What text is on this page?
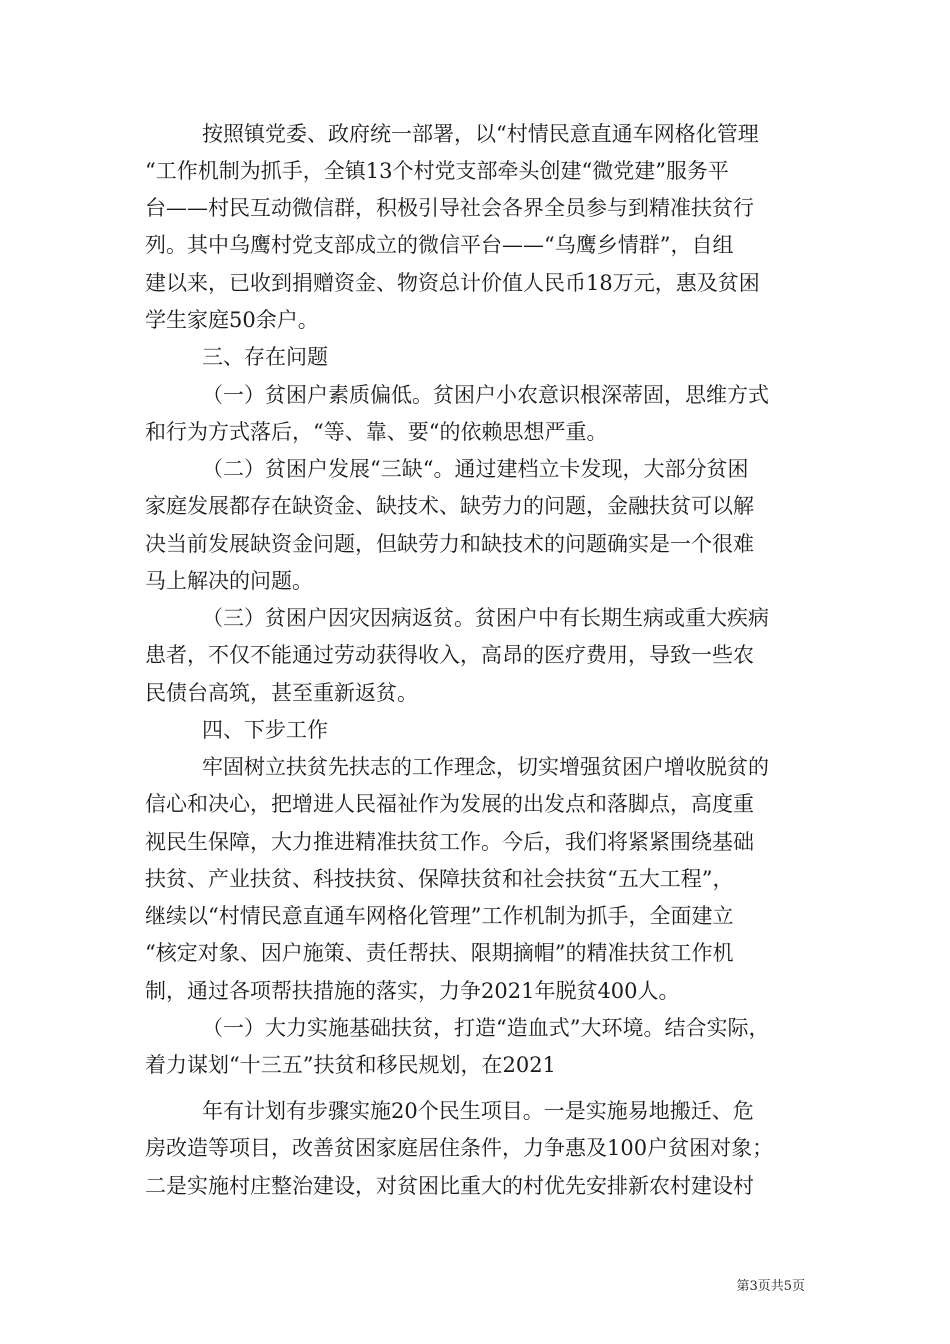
按照镇党委、政府统一部署，以“村情民意直通车网格化管理
“工作机制为抓手，全镇13个村党支部牵头创建“微党建”服务平
台——村民互动微信群，积极引导社会各界全员参与到精准扶贫行
列。其中乌鹰村党支部成立的微信平台——“乌鹰乡情群”，自组
建以来，已收到捐赠资金、物资总计价值人民币18万元，惠及贫困
学生家庭50余户。
三、存在问题
（一）贫困户素质偏低。贫困户小农意识根深蒂固，思维方式
和行为方式落后，“等、靠、要“的依赖思想严重。
（二）贫困户发展“三缺“。通过建档立卡发现，大部分贫困
家庭发展都存在缺资金、缺技术、缺劳力的问题，金融扶贫可以解
决当前发展缺资金问题，但缺劳力和缺技术的问题确实是一个很难
马上解决的问题。
（三）贫困户因灾因病返贫。贫困户中有长期生病或重大疾病
患者，不仅不能通过劳动获得收入，高昂的医疗费用，导致一些农
民债台高筑，甚至重新返贫。
四、下步工作
牢固树立扶贫先扶志的工作理念，切实增强贫困户增收脱贫的
信心和决心，把增进人民福祉作为发展的出发点和落脚点，高度重
视民生保障，大力推进精准扶贫工作。今后，我们将紧紧围绕基础
扶贫、产业扶贫、科技扶贫、保障扶贫和社会扶贫“五大工程”，
继续以“村情民意直通车网格化管理”工作机制为抓手，全面建立
“核定对象、因户施策、责任帮扶、限期摘帽”的精准扶贫工作机
制，通过各项帮扶措施的落实，力争2021年脱贫400人。
（一）大力实施基础扶贫，打造“造血式”大环境。结合实际，
着力谋划“十三五”扶贫和移民规划，在2021
年有计划有步骤实施20个民生项目。一是实施易地搬迁、危
房改造等项目，改善贫困家庭居住条件，力争惠及100户贫困对象；
二是实施村庄整治建设，对贫困比重大的村优先安排新农村建设村
第3页共5页
